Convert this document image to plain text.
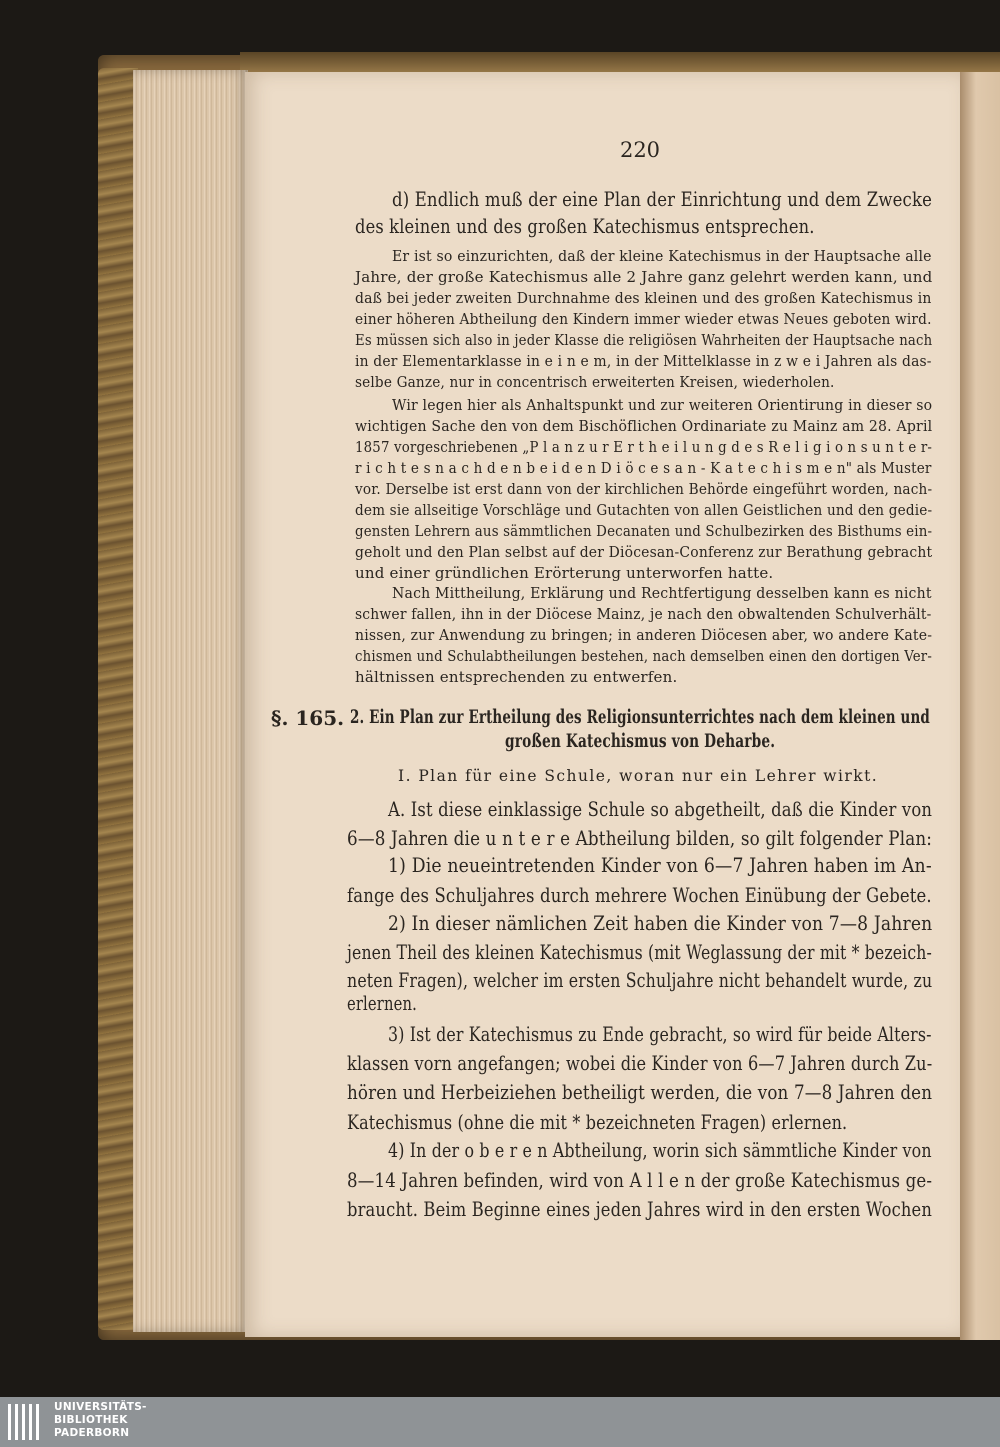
220
§. 165.
d) Endlich muß der eine Plan der Einrichtung und dem Zwecke
des kleinen und des großen Katechismus entsprechen.
Er ist so einzurichten, daß der kleine Katechismus in der Hauptsache alle
Jahre, der große Katechismus alle 2 Jahre ganz gelehrt werden kann, und
daß bei jeder zweiten Durchnahme des kleinen und des großen Katechismus in
einer höheren Abtheilung den Kindern immer wieder etwas Neues geboten wird.
Es müssen sich also in jeder Klasse die religiösen Wahrheiten der Hauptsache nach
in der Elementarklasse in e i n e m, in der Mittelklasse in z w e i Jahren als das-
selbe Ganze, nur in concentrisch erweiterten Kreisen, wiederholen.
Wir legen hier als Anhaltspunkt und zur weiteren Orientirung in dieser so
wichtigen Sache den von dem Bischöflichen Ordinariate zu Mainz am 28. April
1857 vorgeschriebenen „P l a n z u r E r t h e i l u n g d e s R e l i g i o n s u n t e r-
r i c h t e s n a c h d e n b e i d e n D i ö c e s a n - K a t e c h i s m e n" als Muster
vor. Derselbe ist erst dann von der kirchlichen Behörde eingeführt worden, nach-
dem sie allseitige Vorschläge und Gutachten von allen Geistlichen und den gedie-
gensten Lehrern aus sämmtlichen Decanaten und Schulbezirken des Bisthums ein-
geholt und den Plan selbst auf der Diöcesan-Conferenz zur Berathung gebracht
und einer gründlichen Erörterung unterworfen hatte.
Nach Mittheilung, Erklärung und Rechtfertigung desselben kann es nicht
schwer fallen, ihn in der Diöcese Mainz, je nach den obwaltenden Schulverhält-
nissen, zur Anwendung zu bringen; in anderen Diöcesen aber, wo andere Kate-
chismen und Schulabtheilungen bestehen, nach demselben einen den dortigen Ver-
hältnissen entsprechenden zu entwerfen.
2. Ein Plan zur Ertheilung des Religionsunterrichtes nach dem kleinen und
großen Katechismus von Deharbe.
I. Plan für eine Schule, woran nur ein Lehrer wirkt.
A. Ist diese einklassige Schule so abgetheilt, daß die Kinder von
6—8 Jahren die u n t e r e Abtheilung bilden, so gilt folgender Plan:
1) Die neueintretenden Kinder von 6—7 Jahren haben im An-
fange des Schuljahres durch mehrere Wochen Einübung der Gebete.
2) In dieser nämlichen Zeit haben die Kinder von 7—8 Jahren
jenen Theil des kleinen Katechismus (mit Weglassung der mit * bezeich-
neten Fragen), welcher im ersten Schuljahre nicht behandelt wurde, zu
erlernen.
3) Ist der Katechismus zu Ende gebracht, so wird für beide Alters-
klassen vorn angefangen; wobei die Kinder von 6—7 Jahren durch Zu-
hören und Herbeiziehen betheiligt werden, die von 7—8 Jahren den
Katechismus (ohne die mit * bezeichneten Fragen) erlernen.
4) In der o b e r e n Abtheilung, worin sich sämmtliche Kinder von
8—14 Jahren befinden, wird von A l l e n der große Katechismus ge-
braucht. Beim Beginne eines jeden Jahres wird in den ersten Wochen
UNIVERSITÄTS-
BIBLIOTHEK
PADERBORN
